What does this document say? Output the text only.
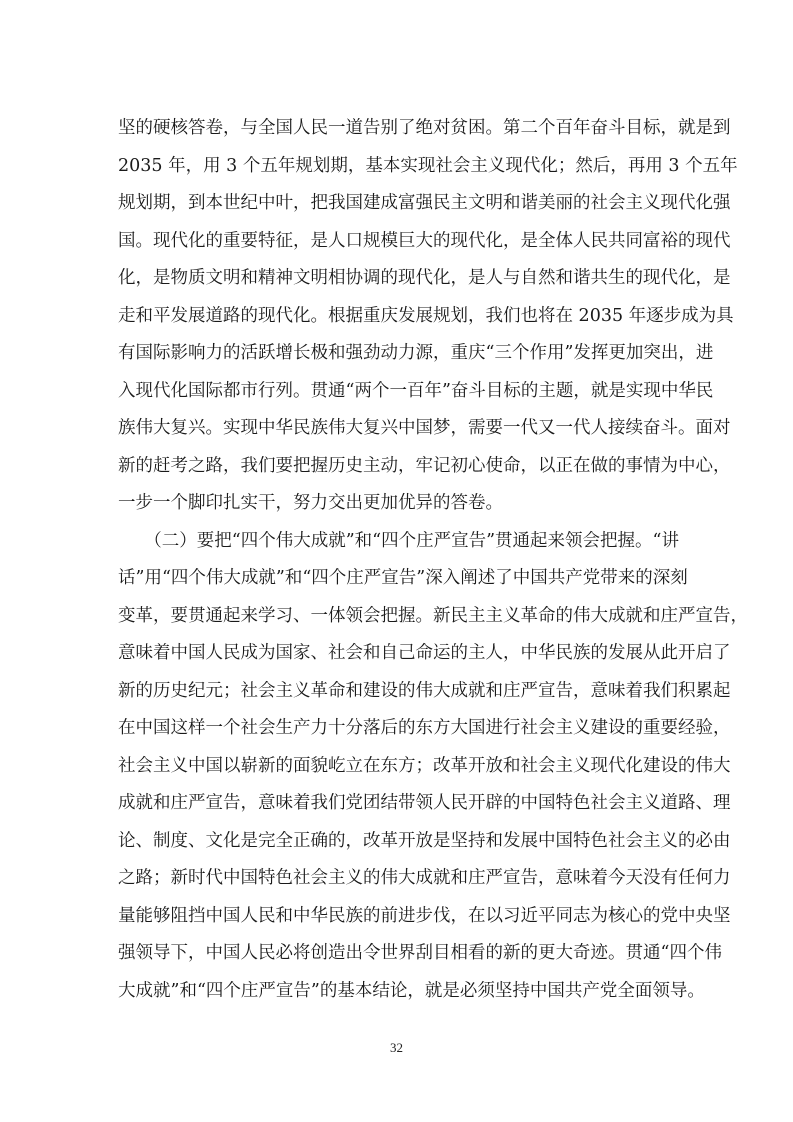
坚的硬核答卷，与全国人民一道告别了绝对贫困。第二个百年奋斗目标，就是到
2035 年，用 3 个五年规划期，基本实现社会主义现代化；然后，再用 3 个五年
规划期，到本世纪中叶，把我国建成富强民主文明和谐美丽的社会主义现代化强
国。现代化的重要特征，是人口规模巨大的现代化，是全体人民共同富裕的现代
化，是物质文明和精神文明相协调的现代化，是人与自然和谐共生的现代化，是
走和平发展道路的现代化。根据重庆发展规划，我们也将在 2035 年逐步成为具
有国际影响力的活跃增长极和强劲动力源，重庆“三个作用”发挥更加突出，进
入现代化国际都市行列。贯通“两个一百年”奋斗目标的主题，就是实现中华民
族伟大复兴。实现中华民族伟大复兴中国梦，需要一代又一代人接续奋斗。面对
新的赶考之路，我们要把握历史主动，牢记初心使命，以正在做的事情为中心，
一步一个脚印扎实干，努力交出更加优异的答卷。

　　（二）要把“四个伟大成就”和“四个庄严宣告”贯通起来领会把握。“讲
话”用“四个伟大成就”和“四个庄严宣告”深入阐述了中国共产党带来的深刻
变革，要贯通起来学习、一体领会把握。新民主主义革命的伟大成就和庄严宣告，
意味着中国人民成为国家、社会和自己命运的主人，中华民族的发展从此开启了
新的历史纪元；社会主义革命和建设的伟大成就和庄严宣告，意味着我们积累起
在中国这样一个社会生产力十分落后的东方大国进行社会主义建设的重要经验，
社会主义中国以崭新的面貌屹立在东方；改革开放和社会主义现代化建设的伟大
成就和庄严宣告，意味着我们党团结带领人民开辟的中国特色社会主义道路、理
论、制度、文化是完全正确的，改革开放是坚持和发展中国特色社会主义的必由
之路；新时代中国特色社会主义的伟大成就和庄严宣告，意味着今天没有任何力
量能够阻挡中国人民和中华民族的前进步伐，在以习近平同志为核心的党中央坚
强领导下，中国人民必将创造出令世界刮目相看的新的更大奇迹。贯通“四个伟
大成就”和“四个庄严宣告”的基本结论，就是必须坚持中国共产党全面领导。

32
